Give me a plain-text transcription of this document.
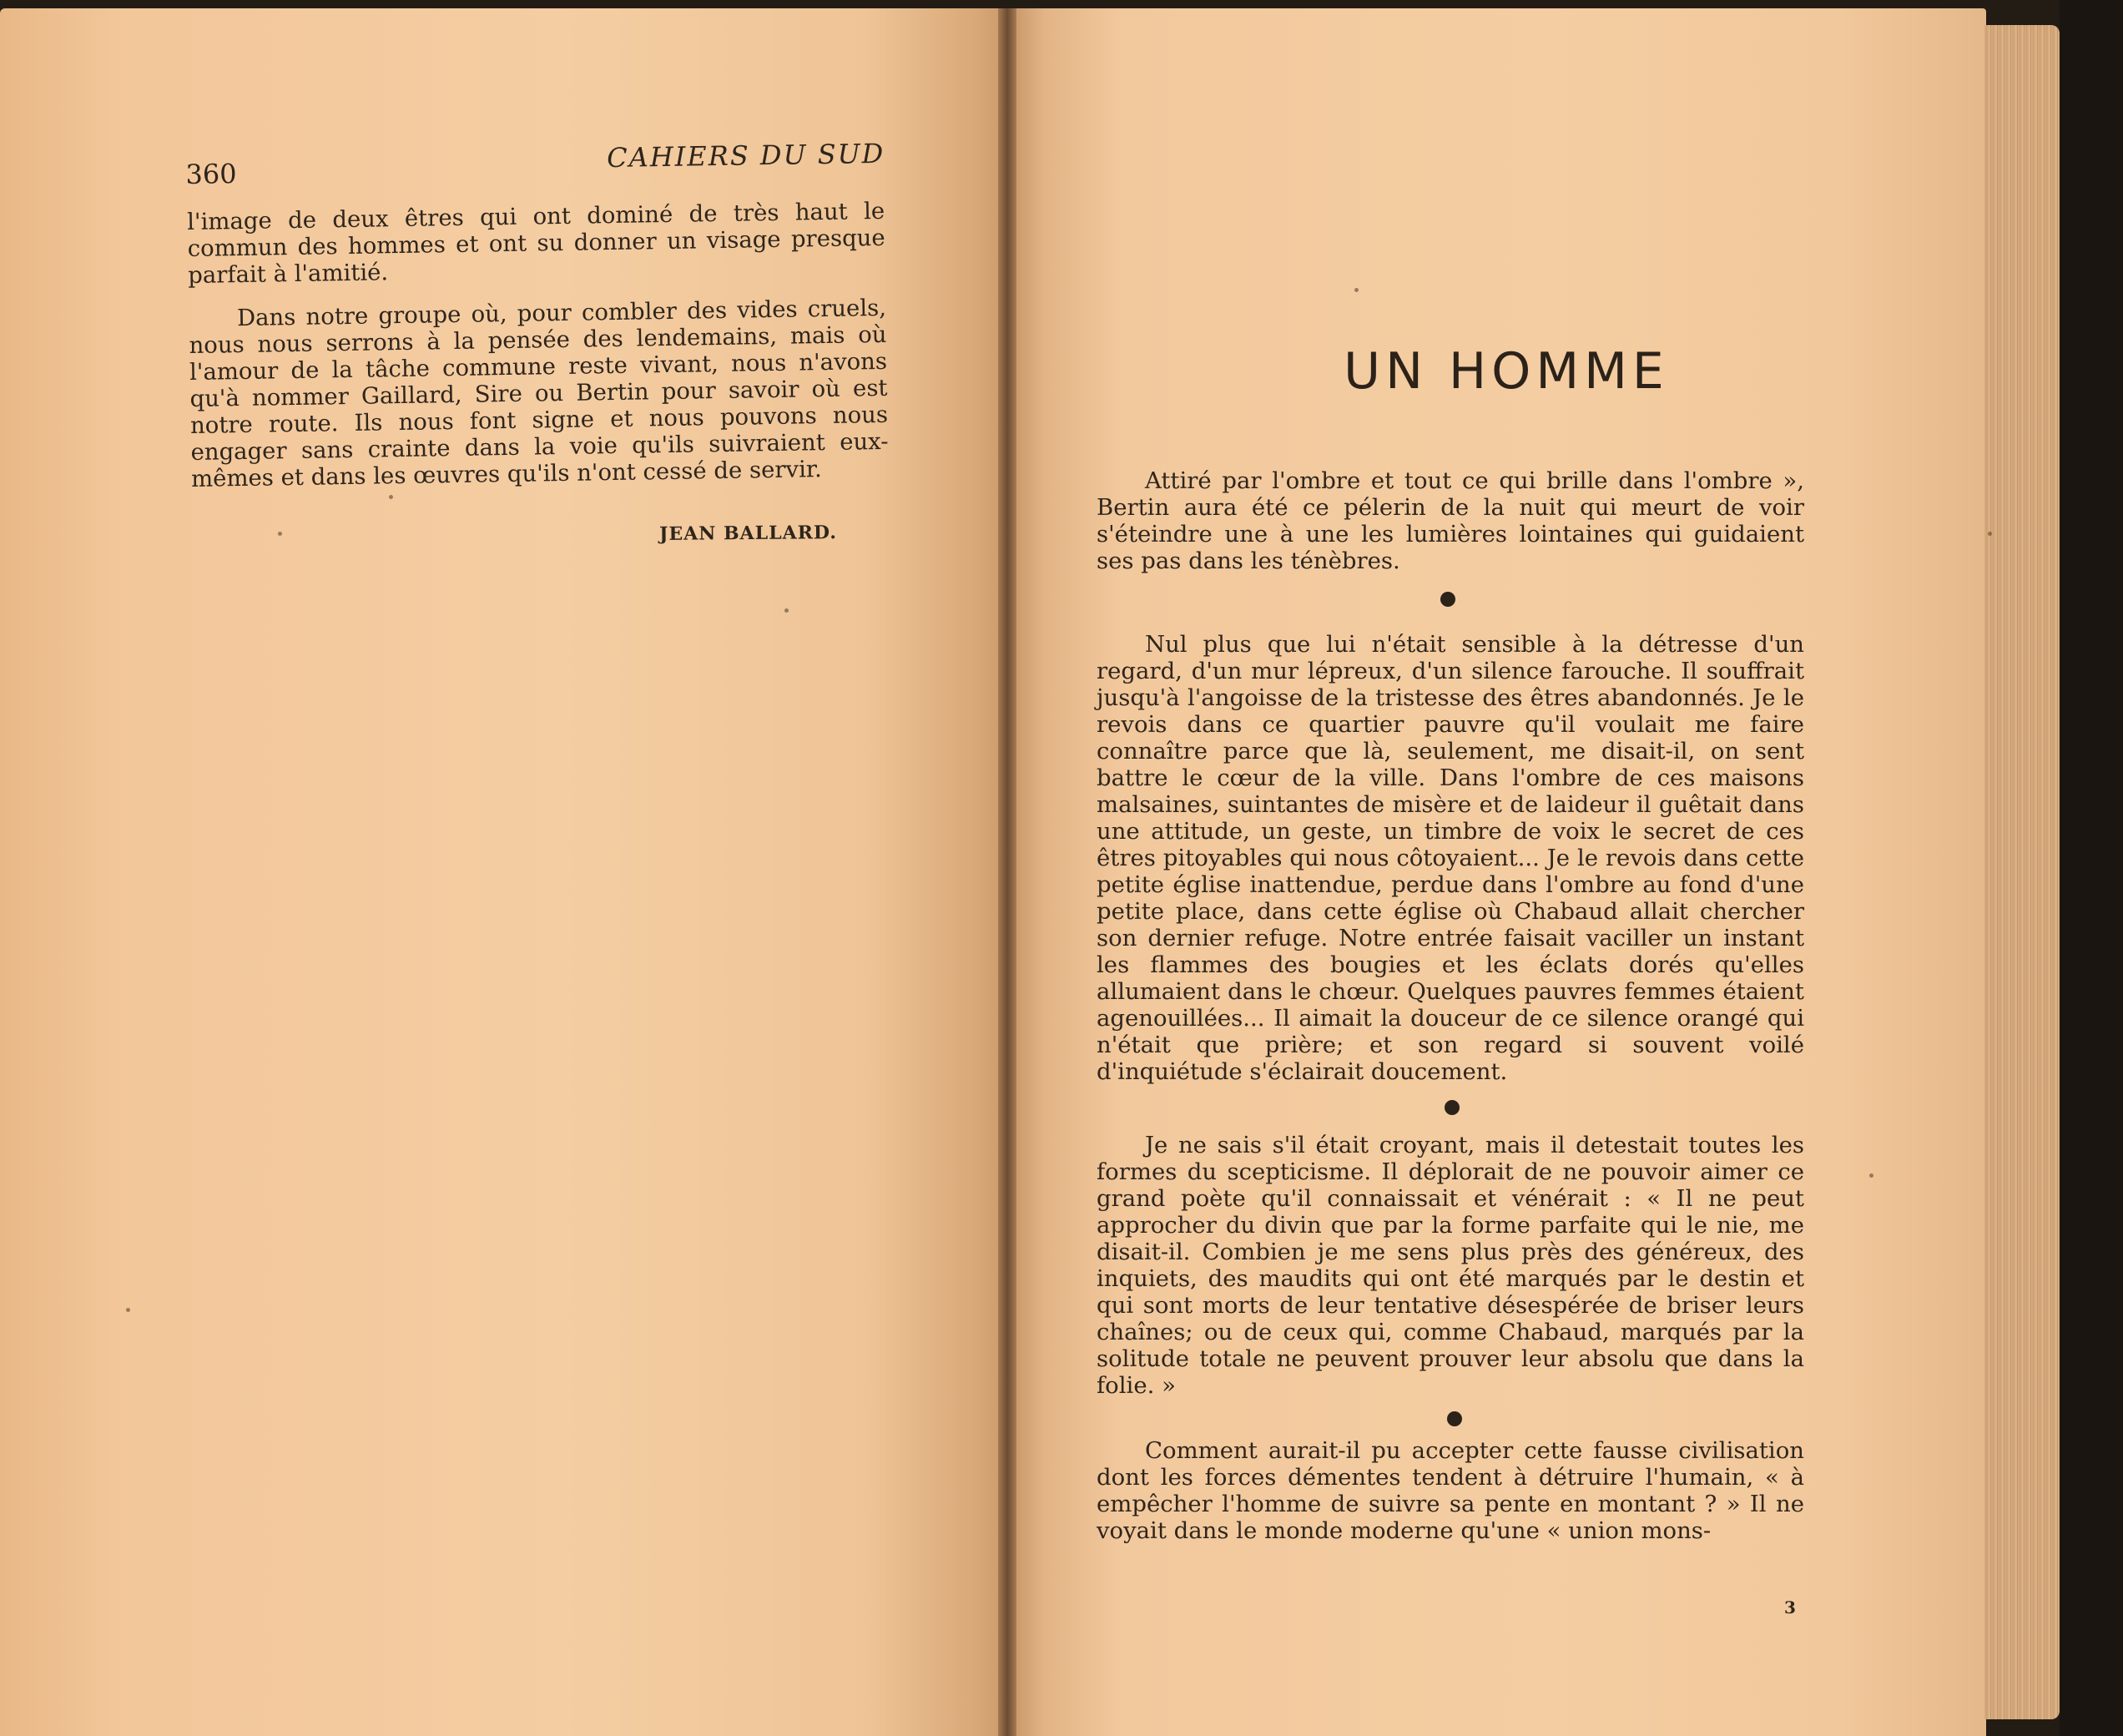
360
CAHIERS DU SUD

l'image de deux êtres qui ont dominé de très haut le commun des hommes et ont su donner un visage presque parfait à l'amitié.

Dans notre groupe où, pour combler des vides cruels, nous nous serrons à la pensée des lendemains, mais où l'amour de la tâche commune reste vivant, nous n'avons qu'à nommer Gaillard, Sire ou Bertin pour savoir où est notre route. Ils nous font signe et nous pouvons nous engager sans crainte dans la voie qu'ils suivraient eux-mêmes et dans les œuvres qu'ils n'ont cessé de servir.

JEAN BALLARD.
UN HOMME

Attiré par l'ombre et tout ce qui brille dans l'ombre », Bertin aura été ce pélerin de la nuit qui meurt de voir s'éteindre une à une les lumières lointaines qui guidaient ses pas dans les ténèbres.

Nul plus que lui n'était sensible à la détresse d'un regard, d'un mur lépreux, d'un silence farouche. Il souffrait jusqu'à l'angoisse de la tristesse des êtres abandonnés. Je le revois dans ce quartier pauvre qu'il voulait me faire connaître parce que là, seulement, me disait-il, on sent battre le cœur de la ville. Dans l'ombre de ces maisons malsaines, suintantes de misère et de laideur il guêtait dans une attitude, un geste, un timbre de voix le secret de ces êtres pitoyables qui nous côtoyaient... Je le revois dans cette petite église inattendue, perdue dans l'ombre au fond d'une petite place, dans cette église où Chabaud allait chercher son dernier refuge. Notre entrée faisait vaciller un instant les flammes des bougies et les éclats dorés qu'elles allumaient dans le chœur. Quelques pauvres femmes étaient agenouillées... Il aimait la douceur de ce silence orangé qui n'était que prière; et son regard si souvent voilé d'inquiétude s'éclairait doucement.

Je ne sais s'il était croyant, mais il detestait toutes les formes du scepticisme. Il déplorait de ne pouvoir aimer ce grand poète qu'il connaissait et vénérait : « Il ne peut approcher du divin que par la forme parfaite qui le nie, me disait-il. Combien je me sens plus près des généreux, des inquiets, des maudits qui ont été marqués par le destin et qui sont morts de leur tentative désespérée de briser leurs chaînes; ou de ceux qui, comme Chabaud, marqués par la solitude totale ne peuvent prouver leur absolu que dans la folie. »

Comment aurait-il pu accepter cette fausse civilisation dont les forces démentes tendent à détruire l'humain, « à empêcher l'homme de suivre sa pente en montant ? » Il ne voyait dans le monde moderne qu'une « union mons-

3
